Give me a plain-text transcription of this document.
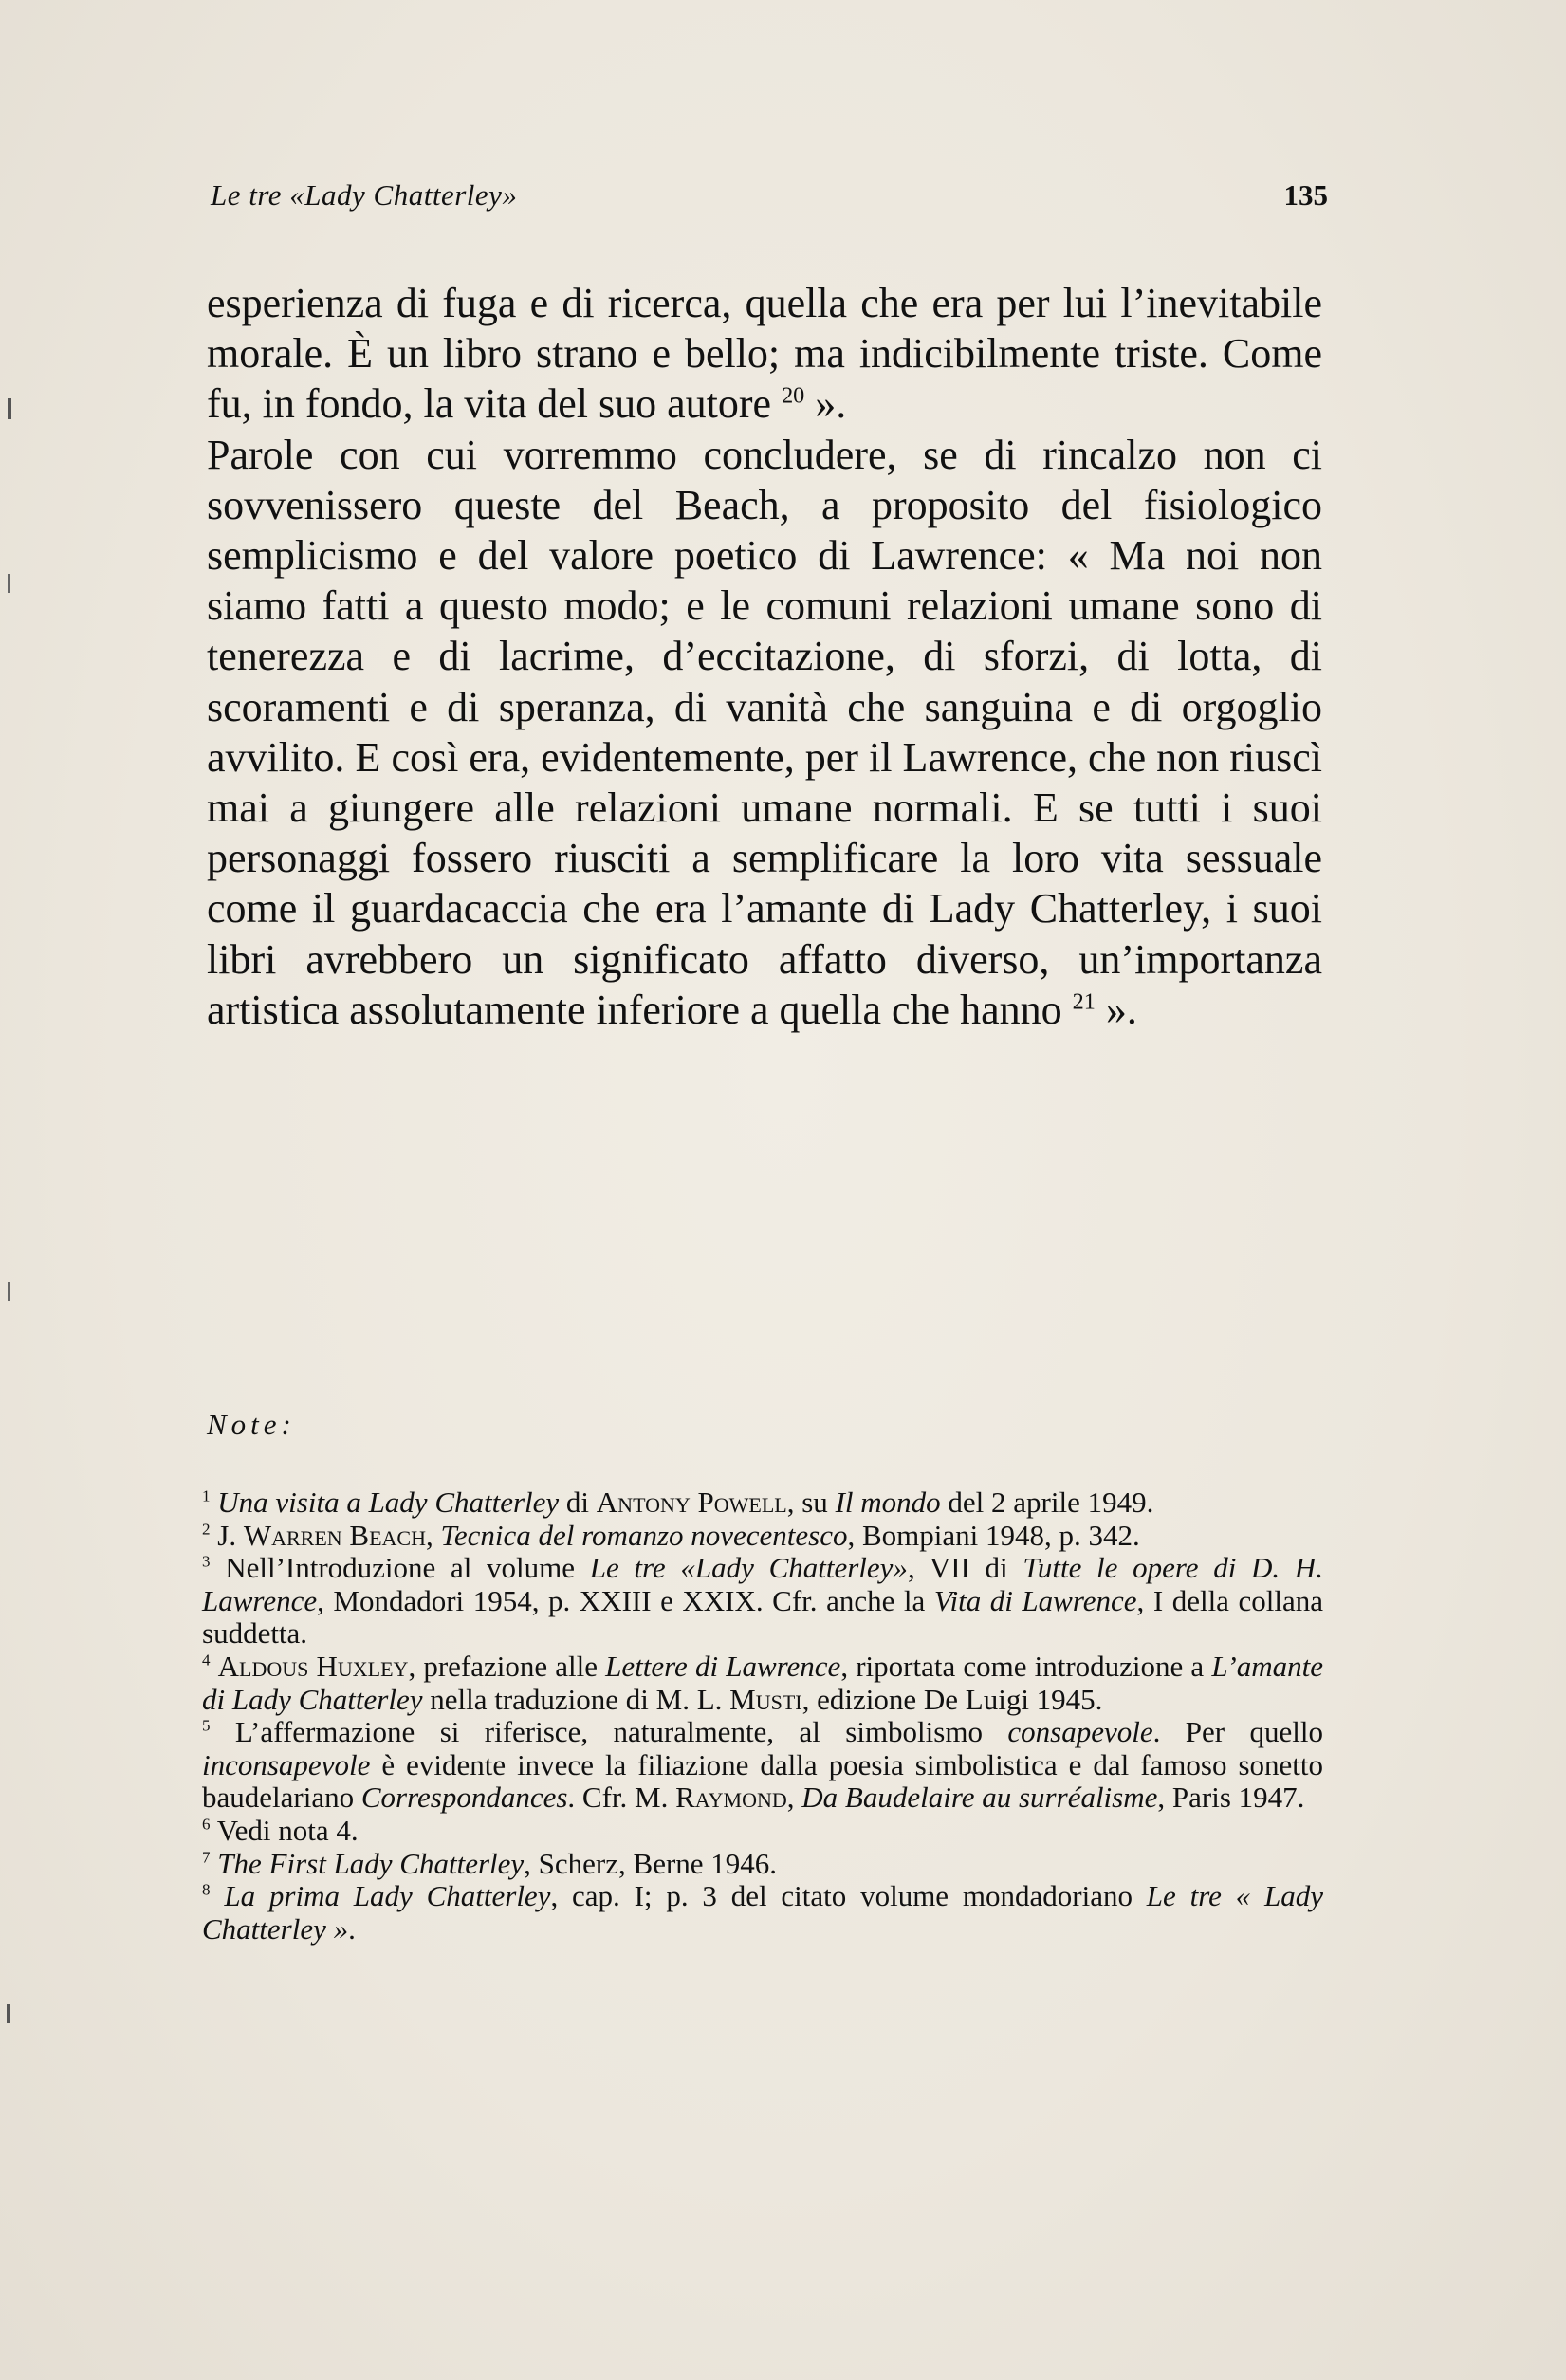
Le tre «Lady Chatterley»	135

esperienza di fuga e di ricerca, quella che era per lui l’inevitabile morale. È un libro strano e bello; ma indicibilmente triste. Come fu, in fondo, la vita del suo autore $^{20}$ ».

Parole con cui vorremmo concludere, se di rincalzo non ci sovvenissero queste del Beach, a proposito del fisiologico semplicismo e del valore poetico di Lawrence: « Ma noi non siamo fatti a questo modo; e le comuni relazioni umane sono di tenerezza e di lacrime, d’eccitazione, di sforzi, di lotta, di scoramenti e di speranza, di vanità che sanguina e di orgoglio avvilito. E così era, evidentemente, per il Lawrence, che non riuscì mai a giungere alle relazioni umane normali. E se tutti i suoi personaggi fossero riusciti a semplificare la loro vita sessuale come il guardacaccia che era l’amante di Lady Chatterley, i suoi libri avrebbero un significato affatto diverso, un’importanza artistica assolutamente inferiore a quella che hanno $^{21}$ ».

Note:

$^1$ Una visita a Lady Chatterley di Antony Powell, su Il mondo del 2 aprile 1949.

$^2$ J. Warren Beach, Tecnica del romanzo novecentesco, Bompiani 1948, p. 342.

$^3$ Nell’Introduzione al volume Le tre «Lady Chatterley», VII di Tutte le opere di D. H. Lawrence, Mondadori 1954, p. XXIII e XXIX. Cfr. anche la Vita di Lawrence, I della collana suddetta.

$^4$ Aldous Huxley, prefazione alle Lettere di Lawrence, riportata come introduzione a L’amante di Lady Chatterley nella traduzione di M. L. Musti, edizione De Luigi 1945.

$^5$ L’affermazione si riferisce, naturalmente, al simbolismo consapevole. Per quello inconsapevole è evidente invece la filiazione dalla poesia simbolistica e dal famoso sonetto baudelariano Correspondances. Cfr. M. Raymond, Da Baudelaire au surréalisme, Paris 1947.

$^6$ Vedi nota 4.

$^7$ The First Lady Chatterley, Scherz, Berne 1946.

$^8$ La prima Lady Chatterley, cap. I; p. 3 del citato volume mondadoriano Le tre « Lady Chatterley ».
